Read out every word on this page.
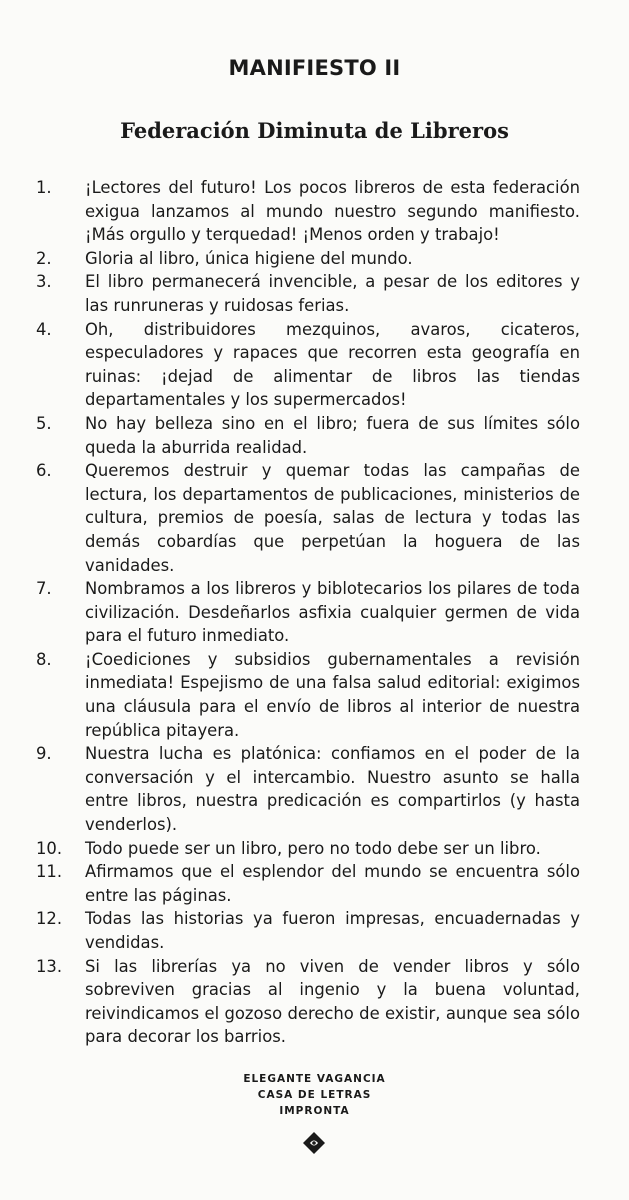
MANIFIESTO II
Federación Diminuta de Libreros
1.	¡Lectores del futuro! Los pocos libreros de esta federación exigua lanzamos al mundo nuestro segundo manifiesto. ¡Más orgullo y terquedad! ¡Menos orden y trabajo!
2.	Gloria al libro, única higiene del mundo.
3.	El libro permanecerá invencible, a pesar de los editores y las runruneras y ruidosas ferias.
4.	Oh, distribuidores mezquinos, avaros, cicateros, especuladores y rapaces que recorren esta geografía en ruinas: ¡dejad de alimentar de libros las tiendas departamentales y los supermercados!
5.	No hay belleza sino en el libro; fuera de sus límites sólo queda la aburrida realidad.
6.	Queremos destruir y quemar todas las campañas de lectura, los departamentos de publicaciones, ministerios de cultura, premios de poesía, salas de lectura y todas las demás cobardías que perpetúan la hoguera de las vanidades.
7.	Nombramos a los libreros y biblotecarios los pilares de toda civilización. Desdeñarlos asfixia cualquier germen de vida para el futuro inmediato.
8.	¡Coediciones y subsidios gubernamentales a revisión inmediata! Espejismo de una falsa salud editorial: exigimos una cláusula para el envío de libros al interior de nuestra república pitayera.
9.	Nuestra lucha es platónica: confiamos en el poder de la conversación y el intercambio. Nuestro asunto se halla entre libros, nuestra predicación es compartirlos (y hasta venderlos).
10.	Todo puede ser un libro, pero no todo debe ser un libro.
11.	Afirmamos que el esplendor del mundo se encuentra sólo entre las páginas.
12.	Todas las historias ya fueron impresas, encuadernadas y vendidas.
13.	Si las librerías ya no viven de vender libros y sólo sobreviven gracias al ingenio y la buena voluntad, reivindicamos el gozoso derecho de existir, aunque sea sólo para decorar los barrios.
ELEGANTE VAGANCIA
CASA DE LETRAS
IMPRONTA
